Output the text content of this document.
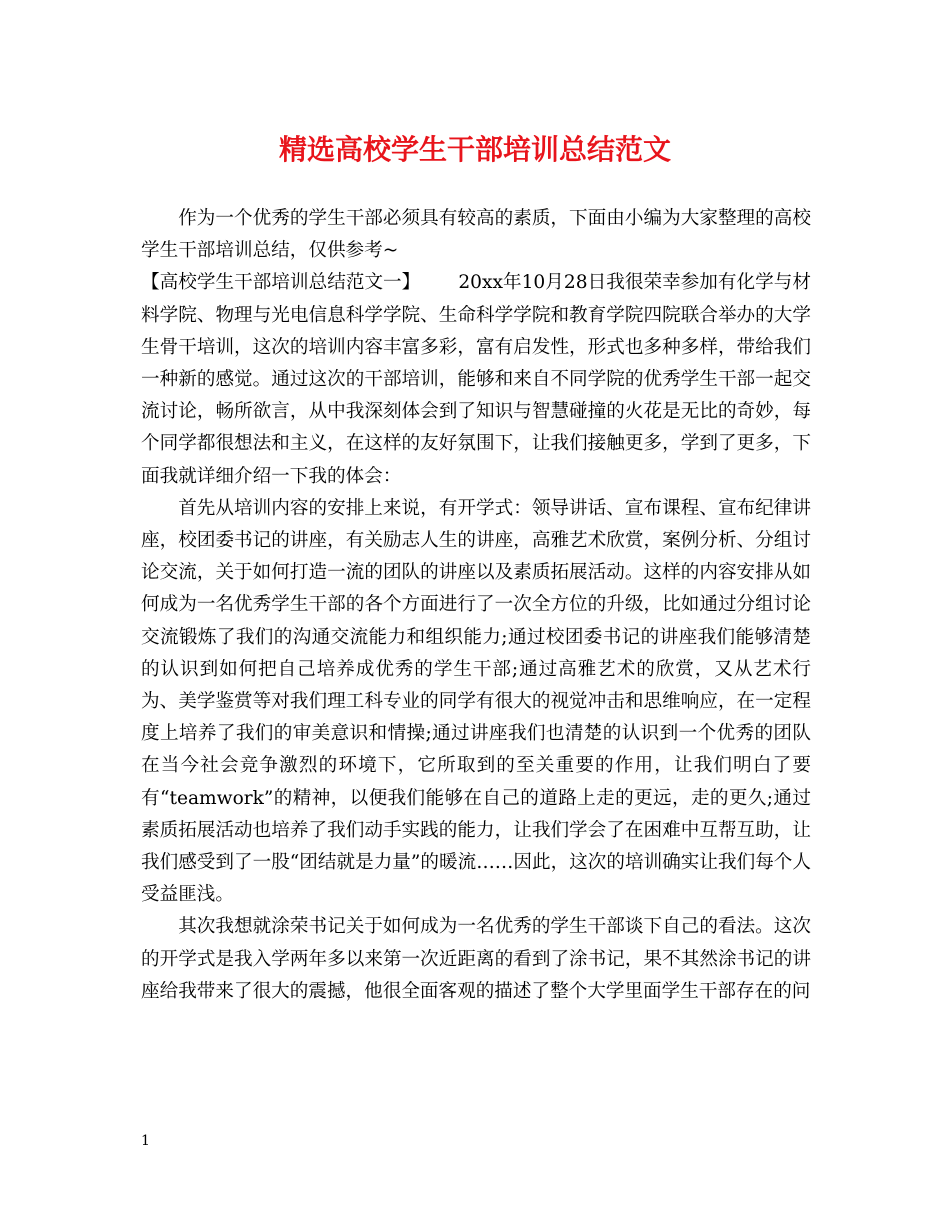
精选高校学生干部培训总结范文

作为一个优秀的学生干部必须具有较高的素质，下面由小编为大家整理的高校学生干部培训总结，仅供参考~

【高校学生干部培训总结范文一】 20xx年10月28日我很荣幸参加有化学与材料学院、物理与光电信息科学学院、生命科学学院和教育学院四院联合举办的大学生骨干培训，这次的培训内容丰富多彩，富有启发性，形式也多种多样，带给我们一种新的感觉。通过这次的干部培训，能够和来自不同学院的优秀学生干部一起交流讨论，畅所欲言，从中我深刻体会到了知识与智慧碰撞的火花是无比的奇妙，每个同学都很想法和主义，在这样的友好氛围下，让我们接触更多，学到了更多，下面我就详细介绍一下我的体会：

首先从培训内容的安排上来说，有开学式：领导讲话、宣布课程、宣布纪律讲座，校团委书记的讲座，有关励志人生的讲座，高雅艺术欣赏，案例分析、分组讨论交流，关于如何打造一流的团队的讲座以及素质拓展活动。这样的内容安排从如何成为一名优秀学生干部的各个方面进行了一次全方位的升级，比如通过分组讨论交流锻炼了我们的沟通交流能力和组织能力;通过校团委书记的讲座我们能够清楚的认识到如何把自己培养成优秀的学生干部;通过高雅艺术的欣赏，又从艺术行为、美学鉴赏等对我们理工科专业的同学有很大的视觉冲击和思维响应，在一定程度上培养了我们的审美意识和情操;通过讲座我们也清楚的认识到一个优秀的团队在当今社会竞争激烈的环境下，它所取到的至关重要的作用，让我们明白了要有“teamwork”的精神，以便我们能够在自己的道路上走的更远，走的更久;通过素质拓展活动也培养了我们动手实践的能力，让我们学会了在困难中互帮互助，让我们感受到了一股“团结就是力量”的暖流……因此，这次的培训确实让我们每个人受益匪浅。

其次我想就涂荣书记关于如何成为一名优秀的学生干部谈下自己的看法。这次的开学式是我入学两年多以来第一次近距离的看到了涂书记，果不其然涂书记的讲座给我带来了很大的震撼，他很全面客观的描述了整个大学里面学生干部存在的问

1
